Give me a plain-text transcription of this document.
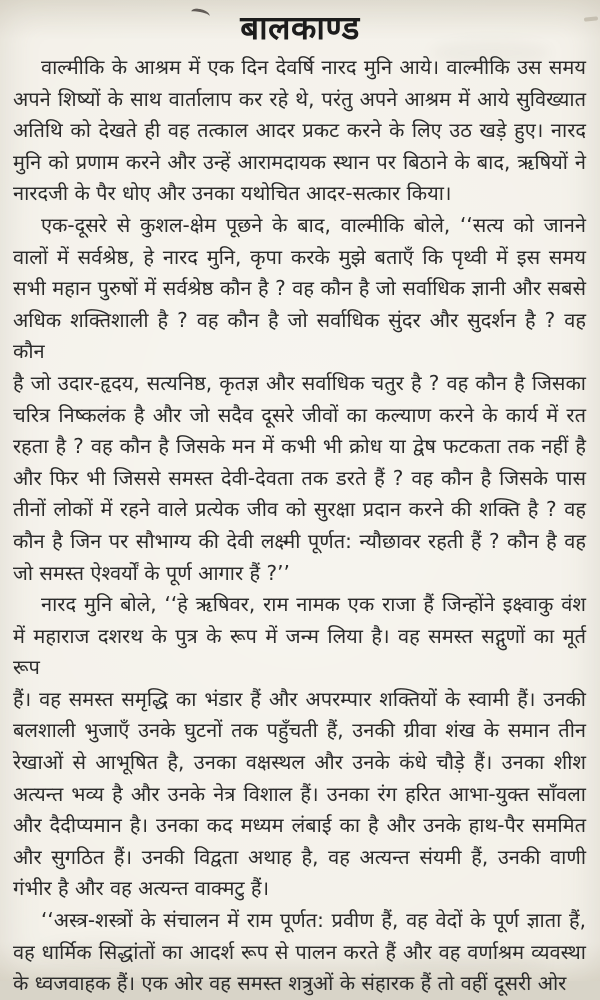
बालकाण्ड

वाल्मीकि के आश्रम में एक दिन देवर्षि नारद मुनि आये। वाल्मीकि उस समय
अपने शिष्यों के साथ वार्तालाप कर रहे थे, परंतु अपने आश्रम में आये सुविख्यात
अतिथि को देखते ही वह तत्काल आदर प्रकट करने के लिए उठ खड़े हुए। नारद
मुनि को प्रणाम करने और उन्हें आरामदायक स्थान पर बिठाने के बाद, ऋषियों ने
नारदजी के पैर धोए और उनका यथोचित आदर-सत्कार किया।

एक-दूसरे से कुशल-क्षेम पूछने के बाद, वाल्मीकि बोले, ‘‘सत्य को जानने
वालों में सर्वश्रेष्ठ, हे नारद मुनि, कृपा करके मुझे बताएँ कि पृथ्वी में इस समय
सभी महान पुरुषों में सर्वश्रेष्ठ कौन है ? वह कौन है जो सर्वाधिक ज्ञानी और सबसे
अधिक शक्तिशाली है ? वह कौन है जो सर्वाधिक सुंदर और सुदर्शन है ? वह कौन
है जो उदार-हृदय, सत्यनिष्ठ, कृतज्ञ और सर्वाधिक चतुर है ? वह कौन है जिसका
चरित्र निष्कलंक है और जो सदैव दूसरे जीवों का कल्याण करने के कार्य में रत
रहता है ? वह कौन है जिसके मन में कभी भी क्रोध या द्वेष फटकता तक नहीं है
और फिर भी जिससे समस्त देवी-देवता तक डरते हैं ? वह कौन है जिसके पास
तीनों लोकों में रहने वाले प्रत्येक जीव को सुरक्षा प्रदान करने की शक्ति है ? वह
कौन है जिन पर सौभाग्य की देवी लक्ष्मी पूर्णत: न्यौछावर रहती हैं ? कौन है वह
जो समस्त ऐश्वर्यों के पूर्ण आगार हैं ?’’

नारद मुनि बोले, ‘‘हे ऋषिवर, राम नामक एक राजा हैं जिन्होंने इक्ष्वाकु वंश
में महाराज दशरथ के पुत्र के रूप में जन्म लिया है। वह समस्त सद्गुणों का मूर्त रूप
हैं। वह समस्त समृद्धि का भंडार हैं और अपरम्पार शक्तियों के स्वामी हैं। उनकी
बलशाली भुजाएँ उनके घुटनों तक पहुँचती हैं, उनकी ग्रीवा शंख के समान तीन
रेखाओं से आभूषित है, उनका वक्षस्थल और उनके कंधे चौड़े हैं। उनका शीश
अत्यन्त भव्य है और उनके नेत्र विशाल हैं। उनका रंग हरित आभा-युक्त साँवला
और दैदीप्यमान है। उनका कद मध्यम लंबाई का है और उनके हाथ-पैर सममित
और सुगठित हैं। उनकी विद्वता अथाह है, वह अत्यन्त संयमी हैं, उनकी वाणी
गंभीर है और वह अत्यन्त वाक्मटु हैं।

‘‘अस्त्र-शस्त्रों के संचालन में राम पूर्णत: प्रवीण हैं, वह वेदों के पूर्ण ज्ञाता हैं,
वह धार्मिक सिद्धांतों का आदर्श रूप से पालन करते हैं और वह वर्णाश्रम व्यवस्था
के ध्वजवाहक हैं। एक ओर वह समस्त शत्रुओं के संहारक हैं तो वहीं दूसरी ओर
